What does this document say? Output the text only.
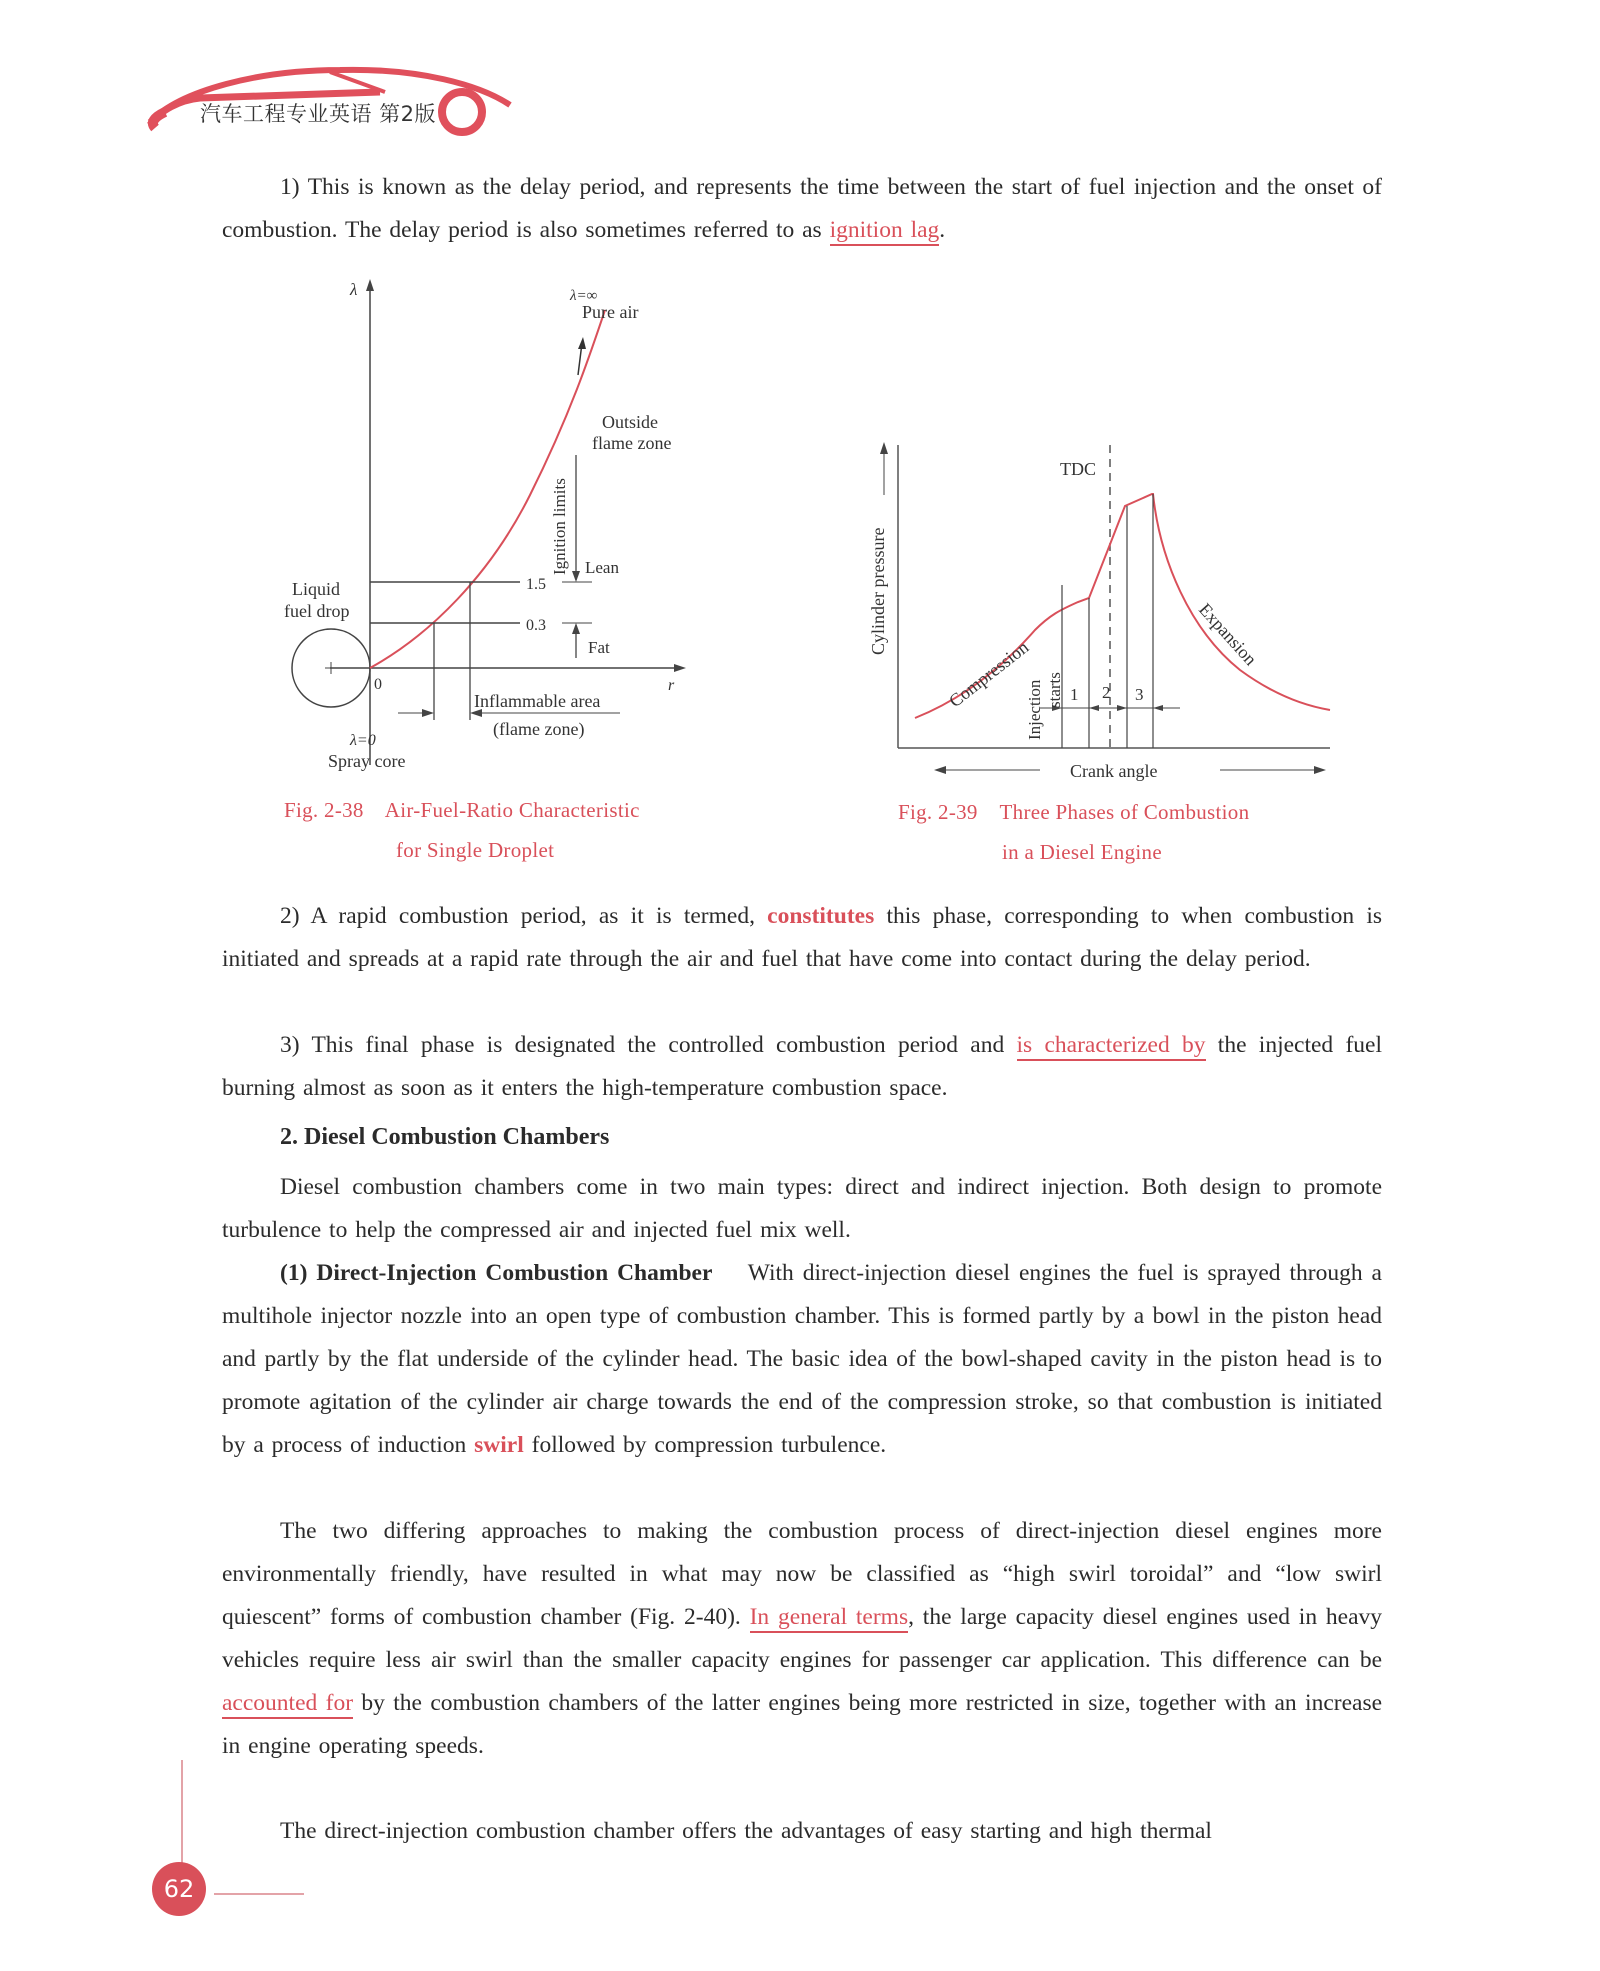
汽车工程专业英语 第2版
1) This is known as the delay period, and represents the time between the start of fuel injection and the onset of combustion. The delay period is also sometimes referred to as ignition lag.
λ
r
1.5
0.3
Ignition limits Lean
Fat
λ=∞
Pure air
Outside
flame zone
Liquid
fuel drop
0
λ=0
Spray core
Inflammable area
(flame zone)
Fig. 2-38 Air-Fuel-Ratio Characteristic
for Single Droplet
Cylinder pressure
Crank angle
TDC
1 2 3
Injection starts
Compression
Expansion
Fig. 2-39 Three Phases of Combustion
in a Diesel Engine
2) A rapid combustion period, as it is termed, constitutes this phase, corresponding to when combustion is initiated and spreads at a rapid rate through the air and fuel that have come into contact during the delay period.
3) This final phase is designated the controlled combustion period and is characterized by the injected fuel burning almost as soon as it enters the high-temperature combustion space.
2. Diesel Combustion Chambers
Diesel combustion chambers come in two main types: direct and indirect injection. Both design to promote turbulence to help the compressed air and injected fuel mix well.
(1) Direct-Injection Combustion Chamber With direct-injection diesel engines the fuel is sprayed through a multihole injector nozzle into an open type of combustion chamber. This is formed partly by a bowl in the piston head and partly by the flat underside of the cylinder head. The basic idea of the bowl-shaped cavity in the piston head is to promote agitation of the cylinder air charge towards the end of the compression stroke, so that combustion is initiated by a process of induction swirl followed by compression turbulence.
The two differing approaches to making the combustion process of direct-injection diesel engines more environmentally friendly, have resulted in what may now be classified as “high swirl toroidal” and “low swirl quiescent” forms of combustion chamber (Fig. 2-40). In general terms, the large capacity diesel engines used in heavy vehicles require less air swirl than the smaller capacity engines for passenger car application. This difference can be accounted for by the combustion chambers of the latter engines being more restricted in size, together with an increase in engine operating speeds.
The direct-injection combustion chamber offers the advantages of easy starting and high thermal
62
